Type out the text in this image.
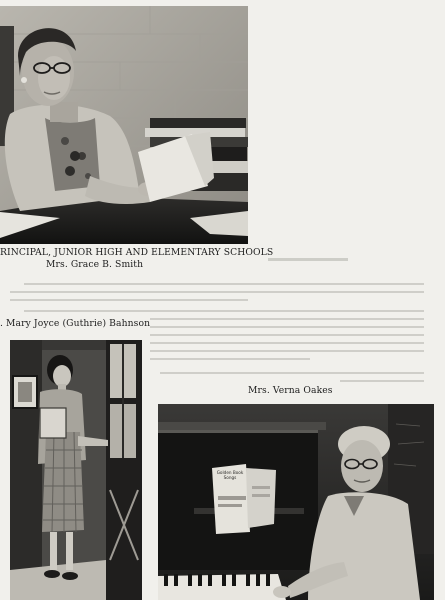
RINCIPAL, JUNIOR HIGH AND ELEMENTARY SCHOOLS
Mrs. Grace B. Smith
. Mary Joyce (Guthrie) Bahnson
Mrs. Verna Oakes
Golden Book
Songs
